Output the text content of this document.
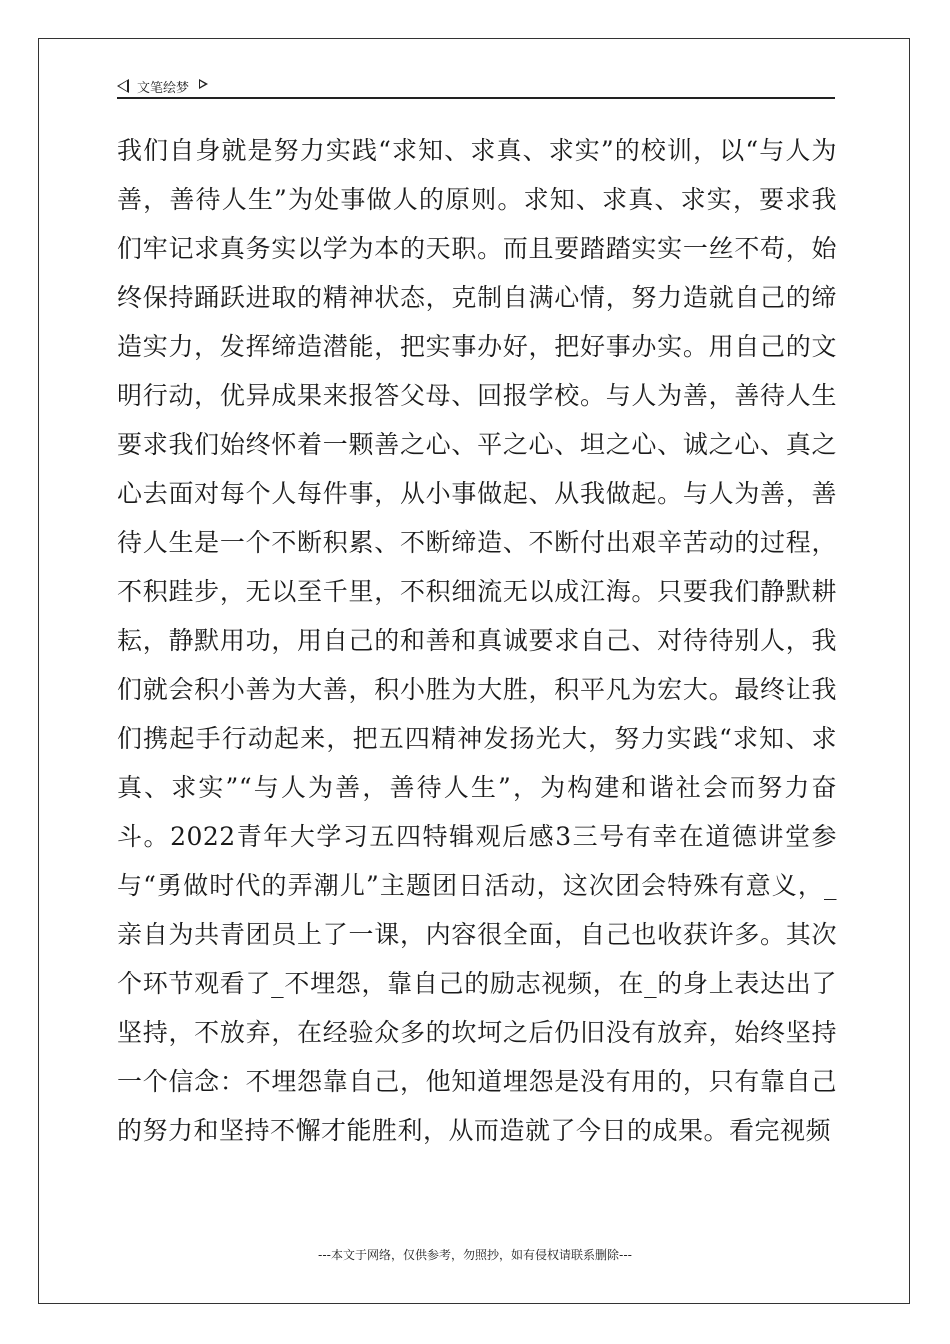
文笔绘梦

我们自身就是努力实践“求知、求真、求实”的校训，以“与人为善，善待人生”为处事做人的原则。求知、求真、求实，要求我们牢记求真务实以学为本的天职。而且要踏踏实实一丝不苟，始终保持踊跃进取的精神状态，克制自满心情，努力造就自己的缔造实力，发挥缔造潜能，把实事办好，把好事办实。用自己的文明行动，优异成果来报答父母、回报学校。与人为善，善待人生要求我们始终怀着一颗善之心、平之心、坦之心、诚之心、真之心去面对每个人每件事，从小事做起、从我做起。与人为善，善待人生是一个不断积累、不断缔造、不断付出艰辛苦动的过程，不积跬步，无以至千里，不积细流无以成江海。只要我们静默耕耘，静默用功，用自己的和善和真诚要求自己、对待待别人，我们就会积小善为大善，积小胜为大胜，积平凡为宏大。最终让我们携起手行动起来，把五四精神发扬光大，努力实践“求知、求真、求实”“与人为善，善待人生”，为构建和谐社会而努力奋斗。2022青年大学习五四特辑观后感3三号有幸在道德讲堂参与“勇做时代的弄潮儿”主题团日活动，这次团会特殊有意义，_亲自为共青团员上了一课，内容很全面，自己也收获许多。其次个环节观看了_不埋怨，靠自己的励志视频，在_的身上表达出了坚持，不放弃，在经验众多的坎坷之后仍旧没有放弃，始终坚持一个信念：不埋怨靠自己，他知道埋怨是没有用的，只有靠自己的努力和坚持不懈才能胜利，从而造就了今日的成果。看完视频

---本文于网络，仅供参考，勿照抄，如有侵权请联系删除---
